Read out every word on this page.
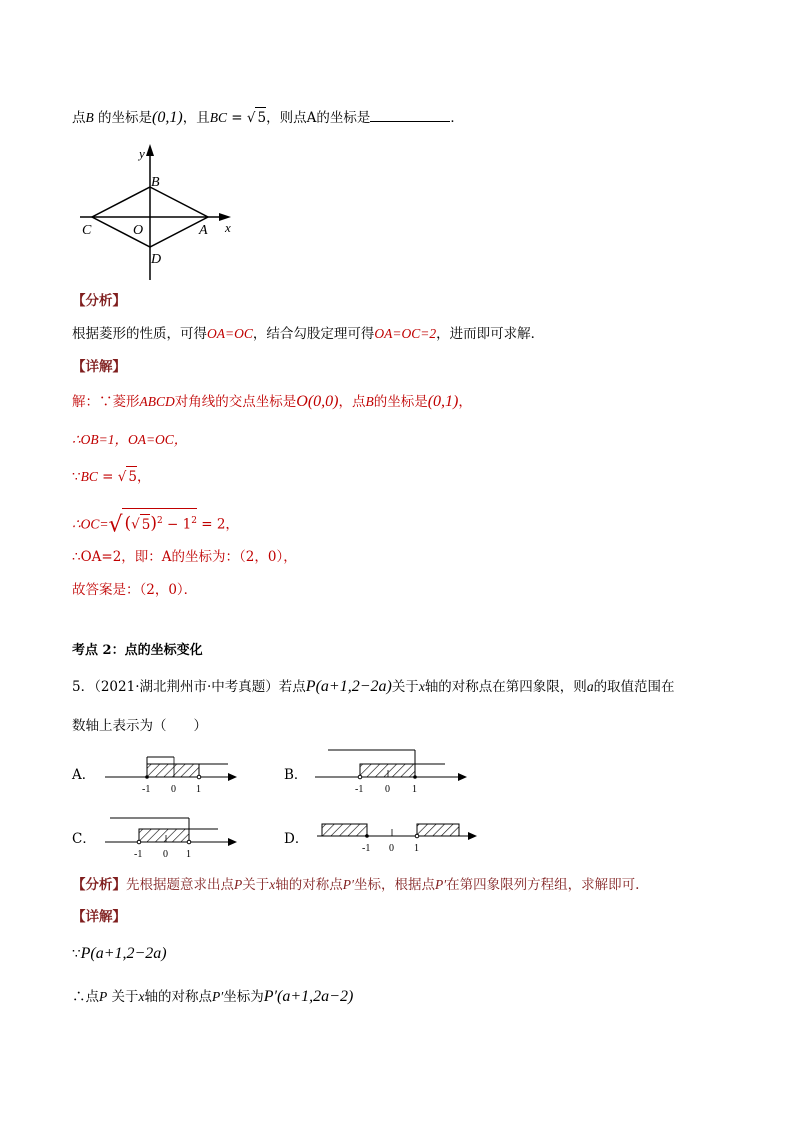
点B 的坐标是(0,1)，且BC = √ 5，则点A的坐标是	．
y
x
B
C	O	A
D
【分析】
根据菱形的性质，可得OA=OC，结合勾股定理可得OA=OC=2，进而即可求解．
【详解】
解：∵菱形ABCD对角线的交点坐标是O(0,0)，点B的坐标是(0,1)，
∴OB=1，OA=OC，
∵BC = √ 5，
∴OC=√ (√ $5)^2 - 1^2 = 2$，
∴OA=2，即：A的坐标为：（2，0），
故答案是：（2，0）．
考点 2：点的坐标变化
5．（2021·湖北荆州市·中考真题）若点P(a+1,2−2a)关于x轴的对称点在第四象限，则a的取值范围在
数轴上表示为（　　）
A．
-1 0 1
B．
-1 0 1
C．
-1 0 1
D．
-1 0 1
【分析】先根据题意求出点P关于x轴的对称点P′坐标，根据点P′在第四象限列方程组，求解即可.
【详解】
∵P(a+1,2−2a)
∴点P 关于x轴的对称点P′坐标为P′(a+1,2a−2)
